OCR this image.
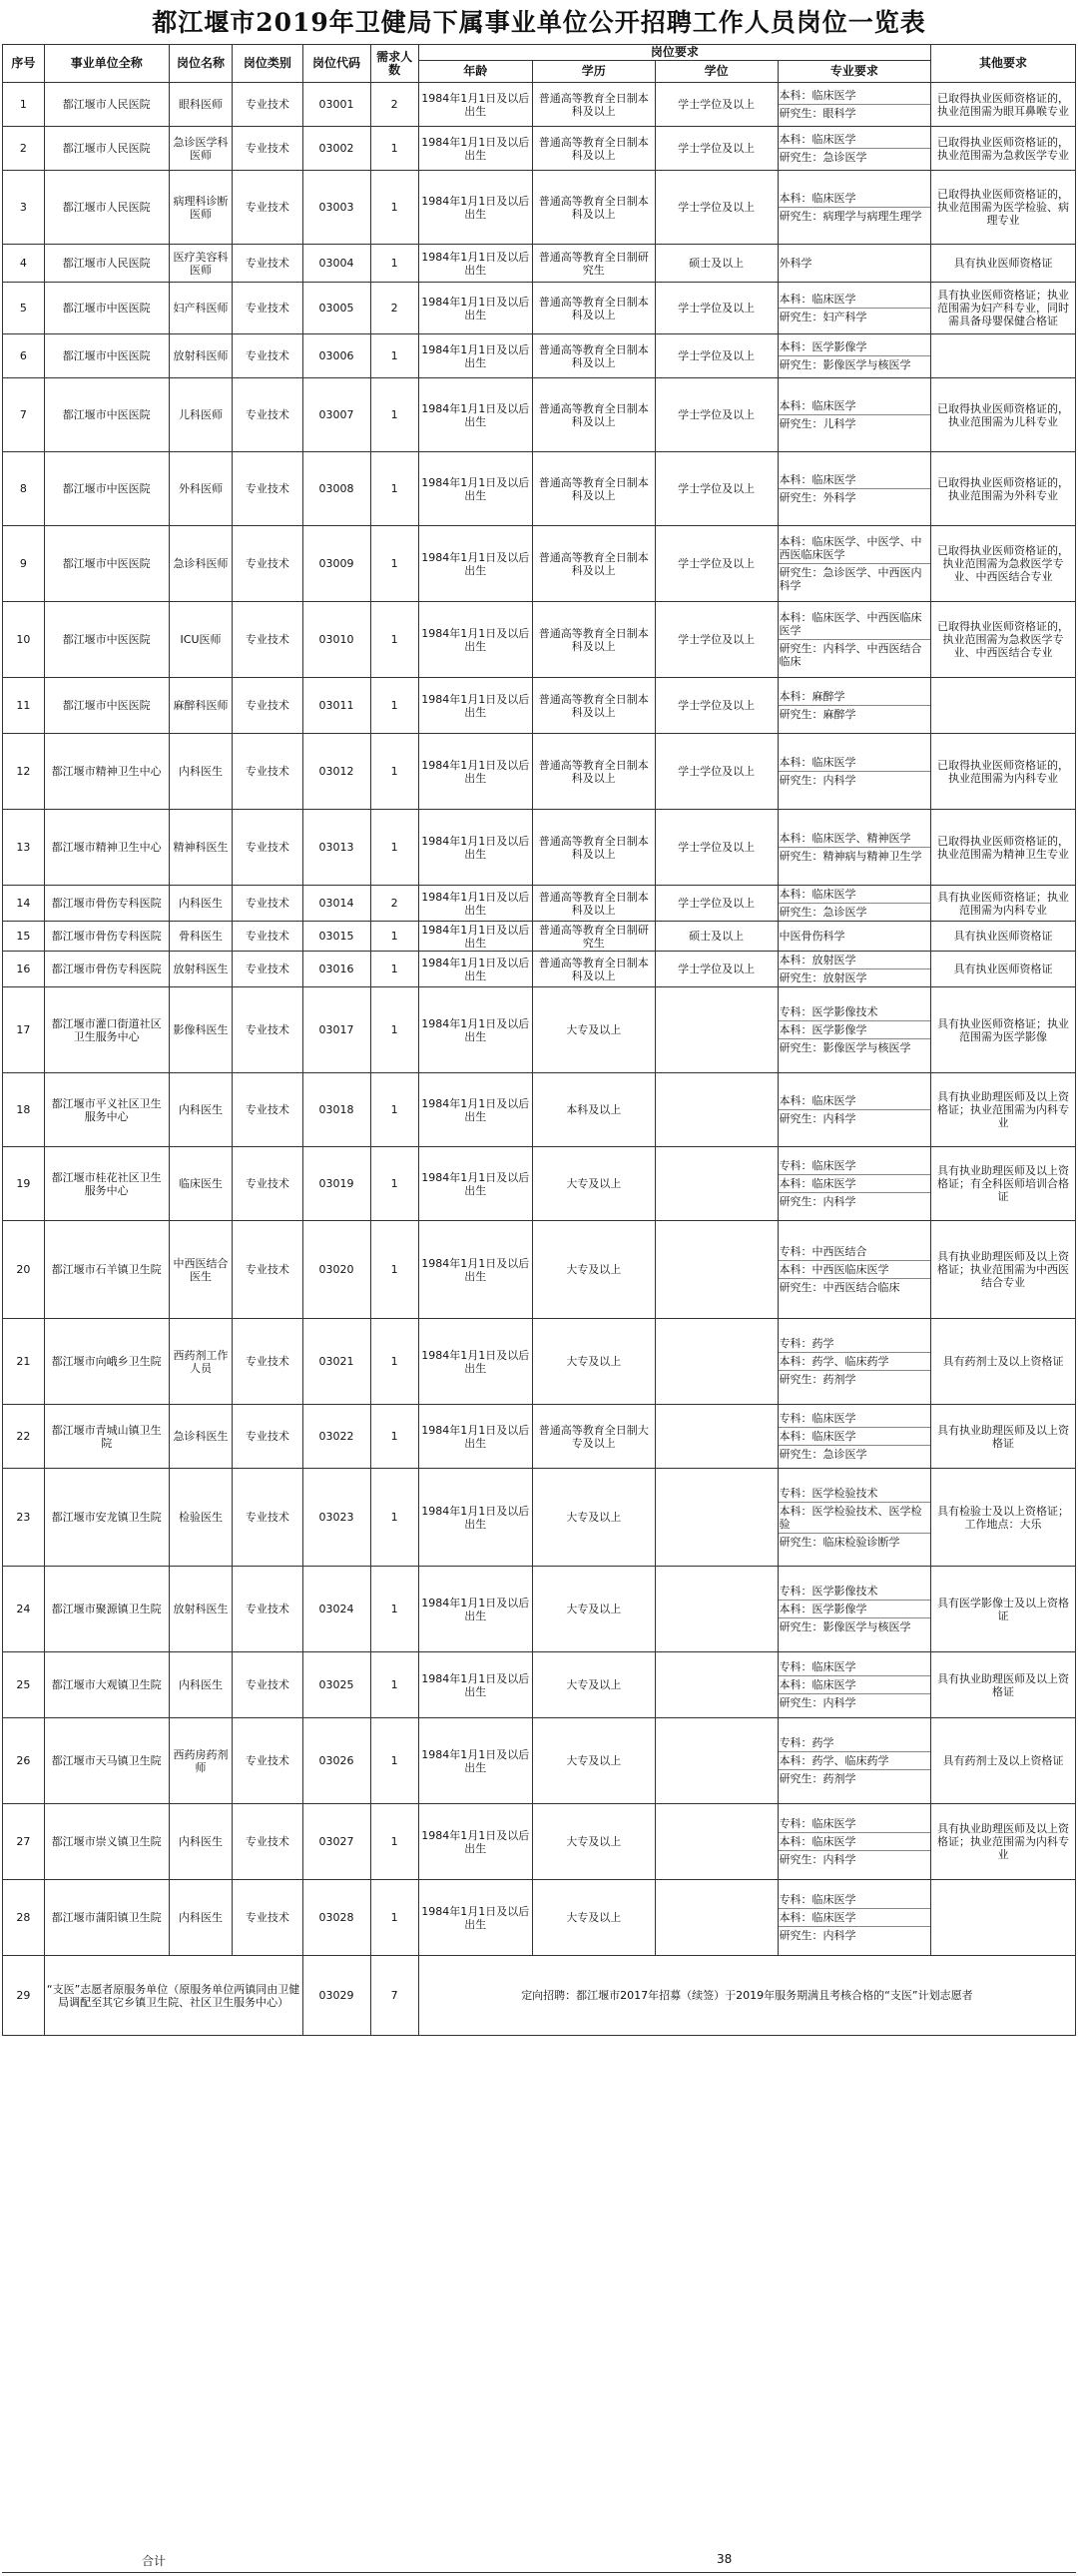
都江堰市2019年卫健局下属事业单位公开招聘工作人员岗位一览表
序号	事业单位全称	岗位名称	岗位类别	岗位代码	需求人数	岗位要求				其他要求
						年龄	学历	学位	专业要求	
1	都江堰市人民医院	眼科医师	专业技术	03001	2	1984年1月1日及以后出生	普通高等教育全日制本科及以上	学士学位及以上	本科：临床医学
研究生：眼科学	已取得执业医师资格证的，执业范围需为眼耳鼻喉专业
2	都江堰市人民医院	急诊医学科医师	专业技术	03002	1	1984年1月1日及以后出生	普通高等教育全日制本科及以上	学士学位及以上	本科：临床医学
研究生：急诊医学	已取得执业医师资格证的，执业范围需为急救医学专业
3	都江堰市人民医院	病理科诊断医师	专业技术	03003	1	1984年1月1日及以后出生	普通高等教育全日制本科及以上	学士学位及以上	本科：临床医学
研究生：病理学与病理生理学	已取得执业医师资格证的，执业范围需为医学检验、病理专业
4	都江堰市人民医院	医疗美容科医师	专业技术	03004	1	1984年1月1日及以后出生	普通高等教育全日制研究生	硕士及以上	外科学	具有执业医师资格证
5	都江堰市中医医院	妇产科医师	专业技术	03005	2	1984年1月1日及以后出生	普通高等教育全日制本科及以上	学士学位及以上	本科：临床医学
研究生：妇产科学	具有执业医师资格证；执业范围需为妇产科专业，同时需具备母婴保健合格证
6	都江堰市中医医院	放射科医师	专业技术	03006	1	1984年1月1日及以后出生	普通高等教育全日制本科及以上	学士学位及以上	本科：医学影像学
研究生：影像医学与核医学	

7	都江堰市中医医院	儿科医师	专业技术	03007	1	1984年1月1日及以后出生	普通高等教育全日制本科及以上	学士学位及以上	本科：临床医学
研究生：儿科学	已取得执业医师资格证的，执业范围需为儿科专业
8	都江堰市中医医院	外科医师	专业技术	03008	1	1984年1月1日及以后出生	普通高等教育全日制本科及以上	学士学位及以上	本科：临床医学
研究生：外科学	已取得执业医师资格证的，执业范围需为外科专业
9	都江堰市中医医院	急诊科医师	专业技术	03009	1	1984年1月1日及以后出生	普通高等教育全日制本科及以上	学士学位及以上	本科：临床医学、中医学、中西医临床医学
研究生：急诊医学、中西医内科学	已取得执业医师资格证的，执业范围需为急救医学专业、中西医结合专业
10	都江堰市中医医院	ICU医师	专业技术	03010	1	1984年1月1日及以后出生	普通高等教育全日制本科及以上	学士学位及以上	本科：临床医学、中西医临床医学
研究生：内科学、中西医结合临床	已取得执业医师资格证的，执业范围需为急救医学专业、中西医结合专业
11	都江堰市中医医院	麻醉科医师	专业技术	03011	1	1984年1月1日及以后出生	普通高等教育全日制本科及以上	学士学位及以上	本科：麻醉学
研究生：麻醉学	

12	都江堰市精神卫生中心	内科医生	专业技术	03012	1	1984年1月1日及以后出生	普通高等教育全日制本科及以上	学士学位及以上	本科：临床医学
研究生：内科学	已取得执业医师资格证的，执业范围需为内科专业
13	都江堰市精神卫生中心	精神科医生	专业技术	03013	1	1984年1月1日及以后出生	普通高等教育全日制本科及以上	学士学位及以上	本科：临床医学、精神医学
研究生：精神病与精神卫生学	已取得执业医师资格证的，执业范围需为精神卫生专业
14	都江堰市骨伤专科医院	内科医生	专业技术	03014	2	1984年1月1日及以后出生	普通高等教育全日制本科及以上	学士学位及以上	本科：临床医学
研究生：急诊医学	具有执业医师资格证；执业范围需为内科专业
15	都江堰市骨伤专科医院	骨科医生	专业技术	03015	1	1984年1月1日及以后出生	普通高等教育全日制研究生	硕士及以上	中医骨伤科学	具有执业医师资格证
16	都江堰市骨伤专科医院	放射科医生	专业技术	03016	1	1984年1月1日及以后出生	普通高等教育全日制本科及以上	学士学位及以上	本科：放射医学
研究生：放射医学	具有执业医师资格证
17	都江堰市灌口街道社区卫生服务中心	影像科医生	专业技术	03017	1	1984年1月1日及以后出生	大专及以上		专科：医学影像技术
本科：医学影像学
研究生：影像医学与核医学	具有执业医师资格证；执业范围需为医学影像
18	都江堰市平义社区卫生服务中心	内科医生	专业技术	03018	1	1984年1月1日及以后出生	本科及以上		本科：临床医学
研究生：内科学	具有执业助理医师及以上资格证；执业范围需为内科专业
19	都江堰市桂花社区卫生服务中心	临床医生	专业技术	03019	1	1984年1月1日及以后出生	大专及以上		专科：临床医学
本科：临床医学
研究生：内科学	具有执业助理医师及以上资格证；有全科医师培训合格证
20	都江堰市石羊镇卫生院	中西医结合医生	专业技术	03020	1	1984年1月1日及以后出生	大专及以上		专科：中西医结合
本科：中西医临床医学
研究生：中西医结合临床	具有执业助理医师及以上资格证；执业范围需为中西医结合专业
21	都江堰市向峨乡卫生院	西药剂工作人员	专业技术	03021	1	1984年1月1日及以后出生	大专及以上		专科：药学
本科：药学、临床药学
研究生：药剂学	具有药剂士及以上资格证
22	都江堰市青城山镇卫生院	急诊科医生	专业技术	03022	1	1984年1月1日及以后出生	普通高等教育全日制大专及以上		专科：临床医学
本科：临床医学
研究生：急诊医学	具有执业助理医师及以上资格证
23	都江堰市安龙镇卫生院	检验医生	专业技术	03023	1	1984年1月1日及以后出生	大专及以上		专科：医学检验技术
本科：医学检验技术、医学检验
研究生：临床检验诊断学	具有检验士及以上资格证；工作地点：大乐
24	都江堰市聚源镇卫生院	放射科医生	专业技术	03024	1	1984年1月1日及以后出生	大专及以上		专科：医学影像技术
本科：医学影像学
研究生：影像医学与核医学	具有医学影像士及以上资格证
25	都江堰市大观镇卫生院	内科医生	专业技术	03025	1	1984年1月1日及以后出生	大专及以上		专科：临床医学
本科：临床医学
研究生：内科学	具有执业助理医师及以上资格证
26	都江堰市天马镇卫生院	西药房药剂师	专业技术	03026	1	1984年1月1日及以后出生	大专及以上		专科：药学
本科：药学、临床药学
研究生：药剂学	具有药剂士及以上资格证
27	都江堰市崇义镇卫生院	内科医生	专业技术	03027	1	1984年1月1日及以后出生	大专及以上		专科：临床医学
本科：临床医学
研究生：内科学	具有执业助理医师及以上资格证；执业范围需为内科专业
28	都江堰市蒲阳镇卫生院	内科医生	专业技术	03028	1	1984年1月1日及以后出生	大专及以上		专科：临床医学
本科：临床医学
研究生：内科学	

29	“支医”志愿者原服务单位（原服务单位两镇同由卫健局调配至其它乡镇卫生院、社区卫生服务中心）			03029	7	定向招聘：都江堰市2017年招募（续签）于2019年服务期满且考核合格的“支医”计划志愿者				
合计	38
